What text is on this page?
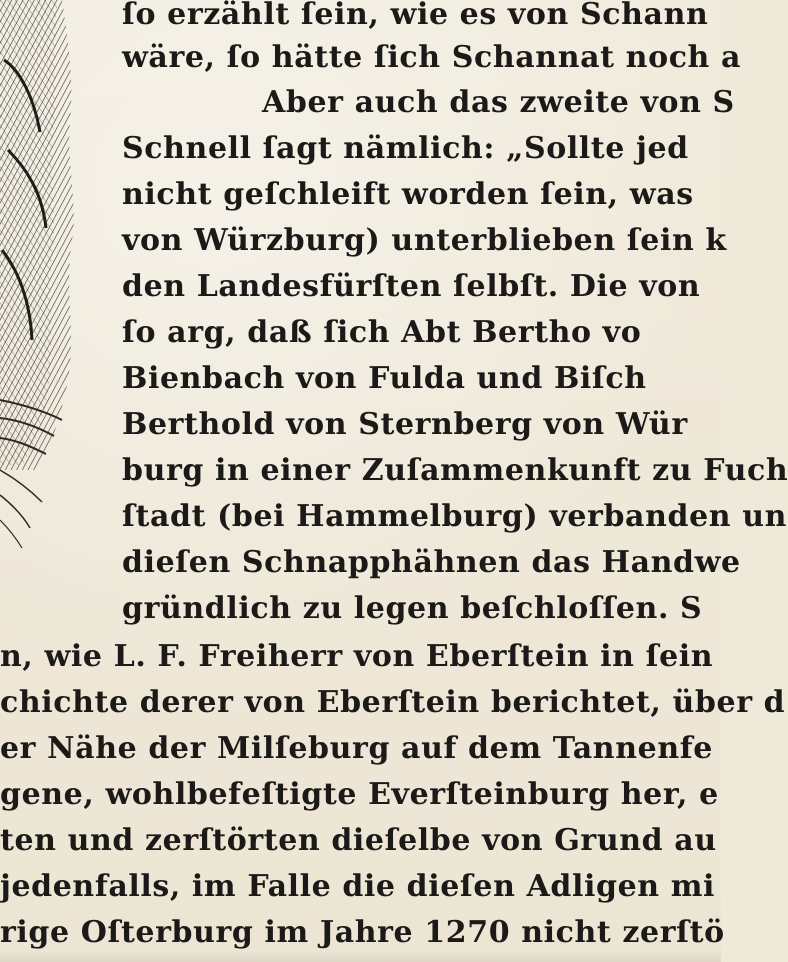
ſo erzählt ſein, wie es von Schann
wäre, ſo hätte ſich Schannat noch a
Aber auch das zweite von S
Schnell ſagt nämlich: „Sollte jed
nicht geſchleift worden ſein, was
von Würzburg) unterblieben ſein k
den Landesfürſten ſelbſt. Die von
ſo arg, daß ſich Abt Bertho vo
Bienbach von Fulda und Biſch
Berthold von Sternberg von Wür
burg in einer Zuſammenkunft zu Fuch
ſtadt (bei Hammelburg) verbanden un
dieſen Schnapphähnen das Handwe
gründlich zu legen beſchloſſen. S
n, wie L. F. Freiherr von Eberſtein in ſein
chichte derer von Eberſtein berichtet, über d
er Nähe der Milſeburg auf dem Tannenfe
gene, wohlbefeſtigte Everſteinburg her, e
ten und zerſtörten dieſelbe von Grund au
jedenfalls, im Falle die dieſen Adligen mi
rige Oſterburg im Jahre 1270 nicht zerſtö
